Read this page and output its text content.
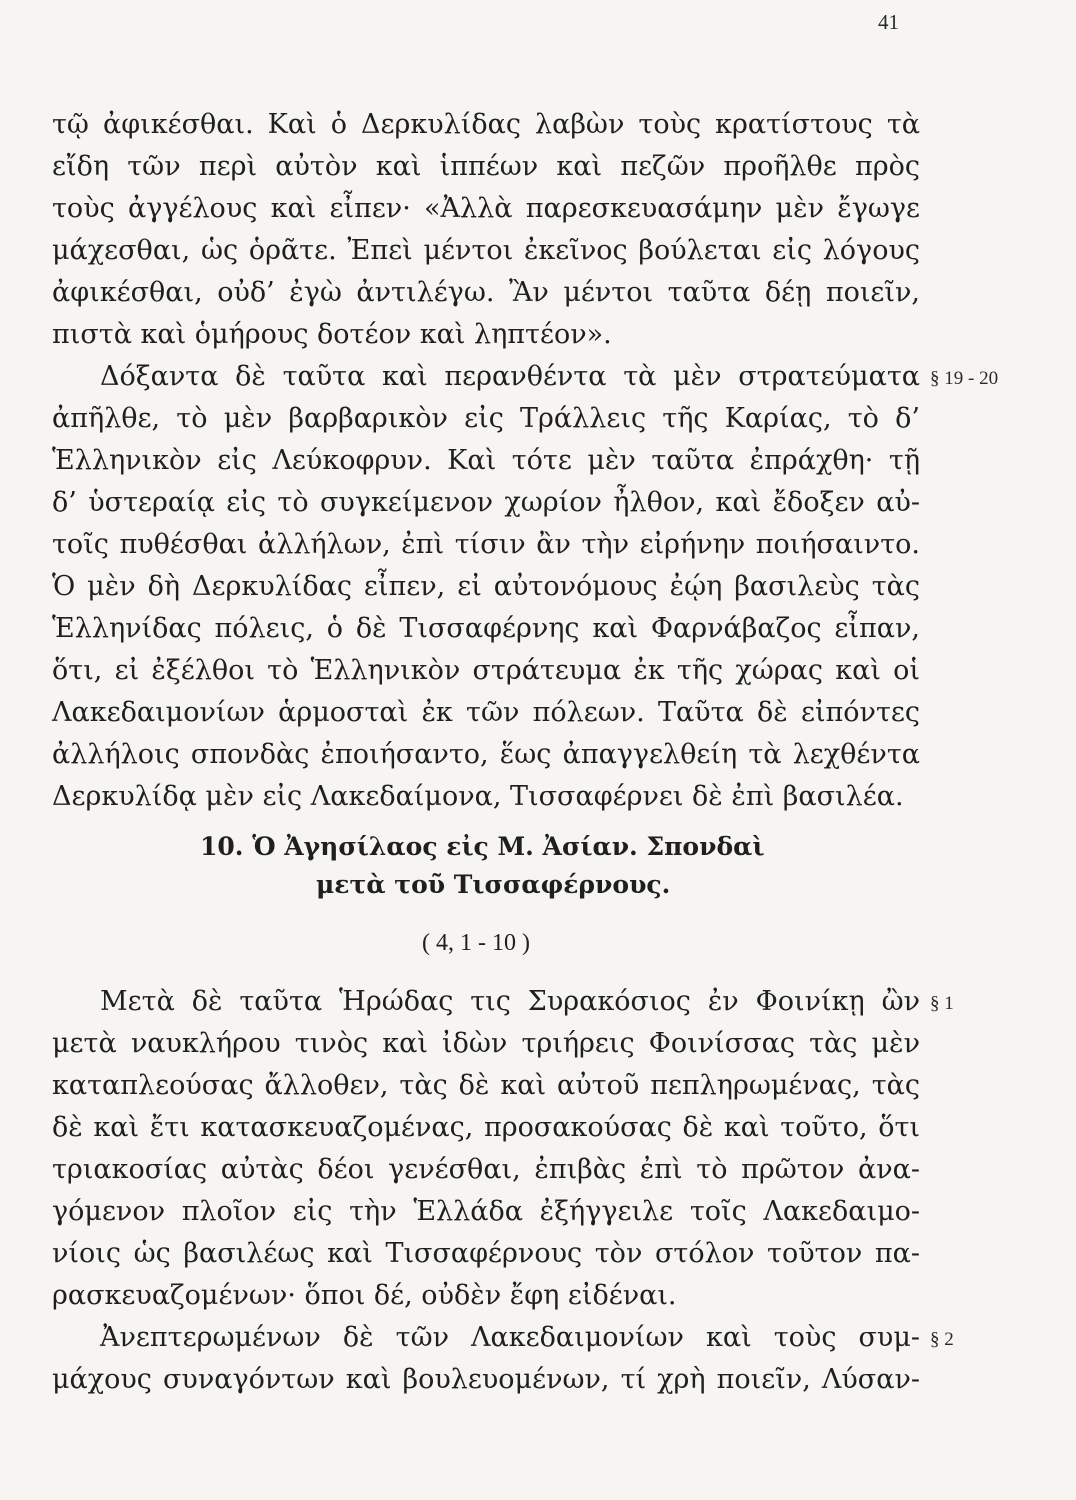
41
τῷ ἀφικέσθαι. Καὶ ὁ Δερκυλίδας λαβὼν τοὺς κρατίστους τὰ
εἴδη τῶν περὶ αὐτὸν καὶ ἱππέων καὶ πεζῶν προῆλθε πρὸς
τοὺς ἀγγέλους καὶ εἶπεν· «Ἀλλὰ παρεσκευασάμην μὲν ἔγωγε
μάχεσθαι, ὡς ὁρᾶτε. Ἐπεὶ μέντοι ἐκεῖνος βούλεται εἰς λόγους
ἀφικέσθαι, οὐδ’ ἐγὼ ἀντιλέγω. Ἂν μέντοι ταῦτα δέῃ ποιεῖν,
πιστὰ καὶ ὁμήρους δοτέον καὶ ληπτέον».
Δόξαντα δὲ ταῦτα καὶ περανθέντα τὰ μὲν στρατεύματα
ἀπῆλθε, τὸ μὲν βαρβαρικὸν εἰς Τράλλεις τῆς Καρίας, τὸ δ’
Ἑλληνικὸν εἰς Λεύκοφρυν. Καὶ τότε μὲν ταῦτα ἐπράχθη· τῇ
δ’ ὑστεραίᾳ εἰς τὸ συγκείμενον χωρίον ἦλθον, καὶ ἔδοξεν αὐ-
τοῖς πυθέσθαι ἀλλήλων, ἐπὶ τίσιν ἂν τὴν εἰρήνην ποιήσαιντο.
Ὁ μὲν δὴ Δερκυλίδας εἶπεν, εἰ αὐτονόμους ἐῴη βασιλεὺς τὰς
Ἑλληνίδας πόλεις, ὁ δὲ Τισσαφέρνης καὶ Φαρνάβαζος εἶπαν,
ὅτι, εἰ ἐξέλθοι τὸ Ἑλληνικὸν στράτευμα ἐκ τῆς χώρας καὶ οἱ
Λακεδαιμονίων ἁρμοσταὶ ἐκ τῶν πόλεων. Ταῦτα δὲ εἰπόντες
ἀλλήλοις σπονδὰς ἐποιήσαντο, ἕως ἀπαγγελθείη τὰ λεχθέντα
Δερκυλίδᾳ μὲν εἰς Λακεδαίμονα, Τισσαφέρνει δὲ ἐπὶ βασιλέα.
10. Ὁ Ἀγησίλαος εἰς Μ. Ἀσίαν. Σπονδαὶ
μετὰ τοῦ Τισσαφέρνους.
( 4, 1 - 10 )
Μετὰ δὲ ταῦτα Ἡρώδας τις Συρακόσιος ἐν Φοινίκῃ ὢν
μετὰ ναυκλήρου τινὸς καὶ ἰδὼν τριήρεις Φοινίσσας τὰς μὲν
καταπλεούσας ἄλλοθεν, τὰς δὲ καὶ αὐτοῦ πεπληρωμένας, τὰς
δὲ καὶ ἔτι κατασκευαζομένας, προσακούσας δὲ καὶ τοῦτο, ὅτι
τριακοσίας αὐτὰς δέοι γενέσθαι, ἐπιβὰς ἐπὶ τὸ πρῶτον ἀνα-
γόμενον πλοῖον εἰς τὴν Ἑλλάδα ἐξήγγειλε τοῖς Λακεδαιμο-
νίοις ὡς βασιλέως καὶ Τισσαφέρνους τὸν στόλον τοῦτον πα-
ρασκευαζομένων· ὅποι δέ, οὐδὲν ἔφη εἰδέναι.
Ἀνεπτερωμένων δὲ τῶν Λακεδαιμονίων καὶ τοὺς συμ-
μάχους συναγόντων καὶ βουλευομένων, τί χρὴ ποιεῖν, Λύσαν-
§ 19 - 20
§ 1
§ 2
